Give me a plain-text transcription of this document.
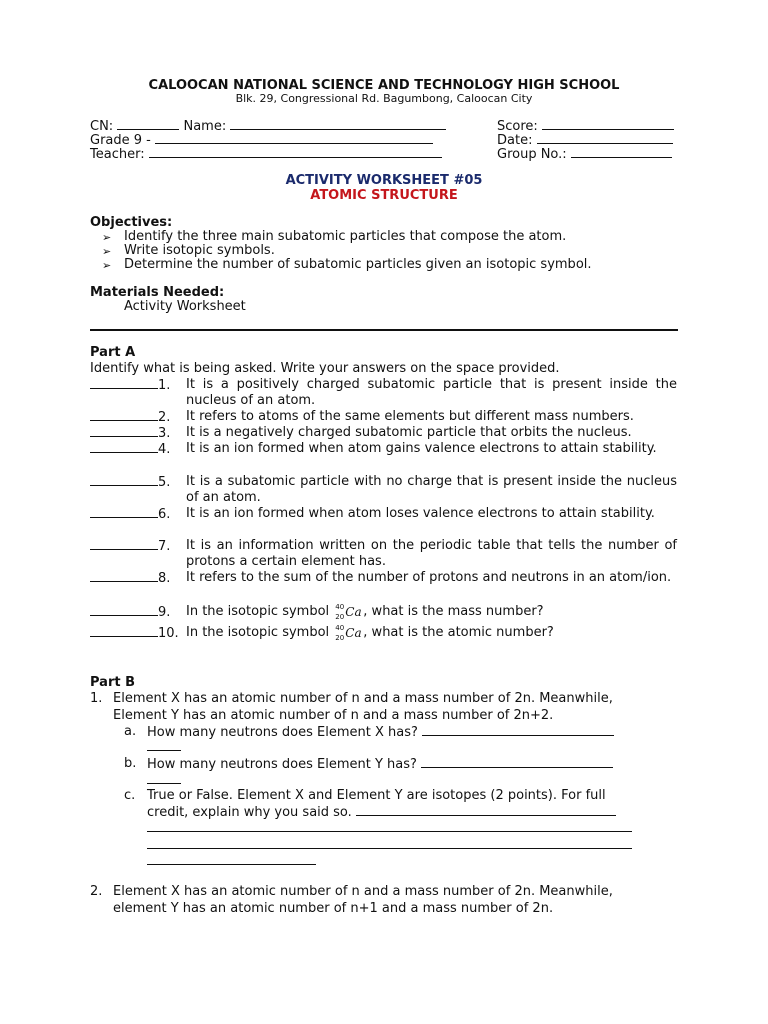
CALOOCAN NATIONAL SCIENCE AND TECHNOLOGY HIGH SCHOOL
Blk. 29, Congressional Rd. Bagumbong, Caloocan City
CN:	Name:
Grade 9 -
Teacher:
Score:
Date:
Group No.:
ACTIVITY WORKSHEET #05
ATOMIC STRUCTURE
Objectives:
➢ Identify the three main subatomic particles that compose the atom.
➢ Write isotopic symbols.
➢ Determine the number of subatomic particles given an isotopic symbol.
Materials Needed:
Activity Worksheet
Part A
Identify what is being asked. Write your answers on the space provided.
1. It is a positively charged subatomic particle that is present inside the nucleus of an atom.
2. It refers to atoms of the same elements but different mass numbers.
3. It is a negatively charged subatomic particle that orbits the nucleus.
4. It is an ion formed when atom gains valence electrons to attain stability.
5. It is a subatomic particle with no charge that is present inside the nucleus of an atom.
6. It is an ion formed when atom loses valence electrons to attain stability.
7. It is an information written on the periodic table that tells the number of protons a certain element has.
8. It refers to the sum of the number of protons and neutrons in an atom/ion.
9. In the isotopic symbol 40
20 Ca , what is the mass number?
10. In the isotopic symbol 40
20 Ca , what is the atomic number?
Part B
1. Element X has an atomic number of n and a mass number of 2n. Meanwhile,
Element Y has an atomic number of n and a mass number of 2n+2.
a. How many neutrons does Element X has?
b. How many neutrons does Element Y has?
c. True or False. Element X and Element Y are isotopes (2 points). For full
credit, explain why you said so.
2. Element X has an atomic number of n and a mass number of 2n. Meanwhile,
element Y has an atomic number of n+1 and a mass number of 2n.
